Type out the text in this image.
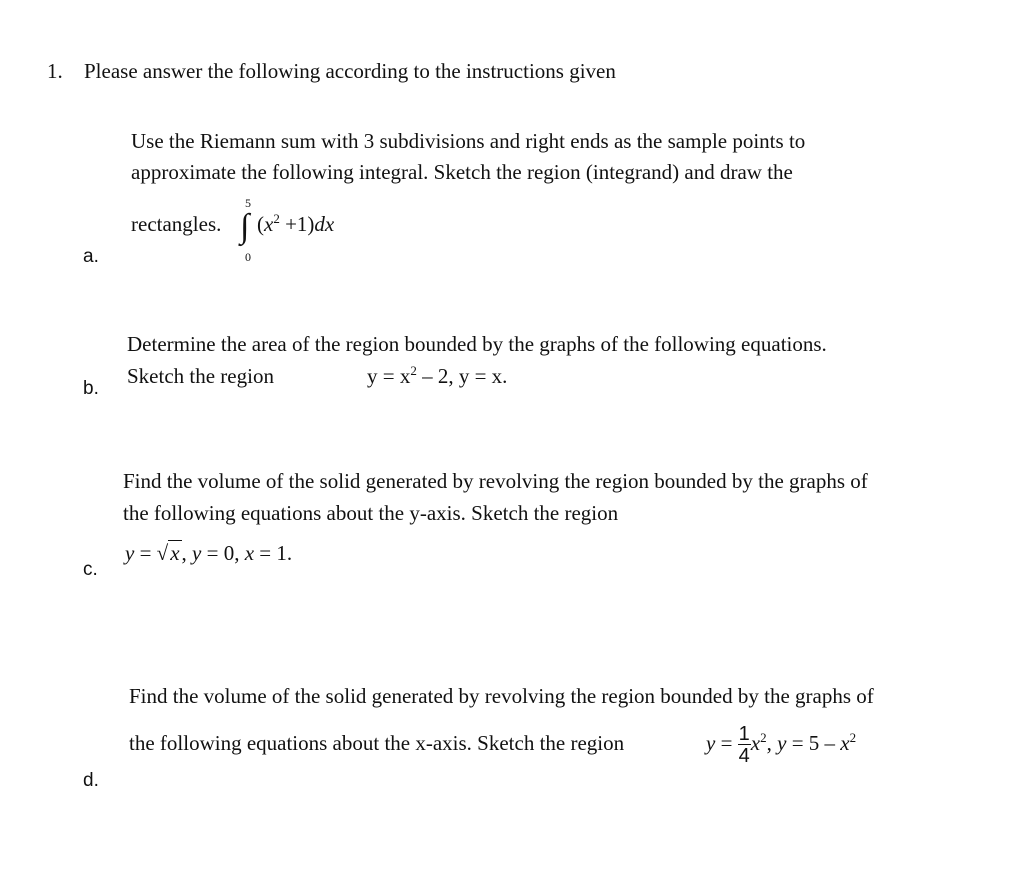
1. Please answer the following according to the instructions given
Use the Riemann sum with 3 subdivisions and right ends as the sample points to
approximate the following integral. Sketch the region (integrand) and draw the
rectangles.
5
∫
0
$(x^2 +1)dx$
a.
Determine the area of the region bounded by the graphs of the following equations.
Sketch the region	$y = x^2 - 2$, y = x.
b.
Find the volume of the solid generated by revolving the region bounded by the graphs of
the following equations about the y-axis. Sketch the region
y = √x, y = 0, x = 1.
c.
Find the volume of the solid generated by revolving the region bounded by the graphs of
the following equations about the x-axis. Sketch the region	$y = \frac{1}{4} x^2$, $y = 5 - x^2$
d.
